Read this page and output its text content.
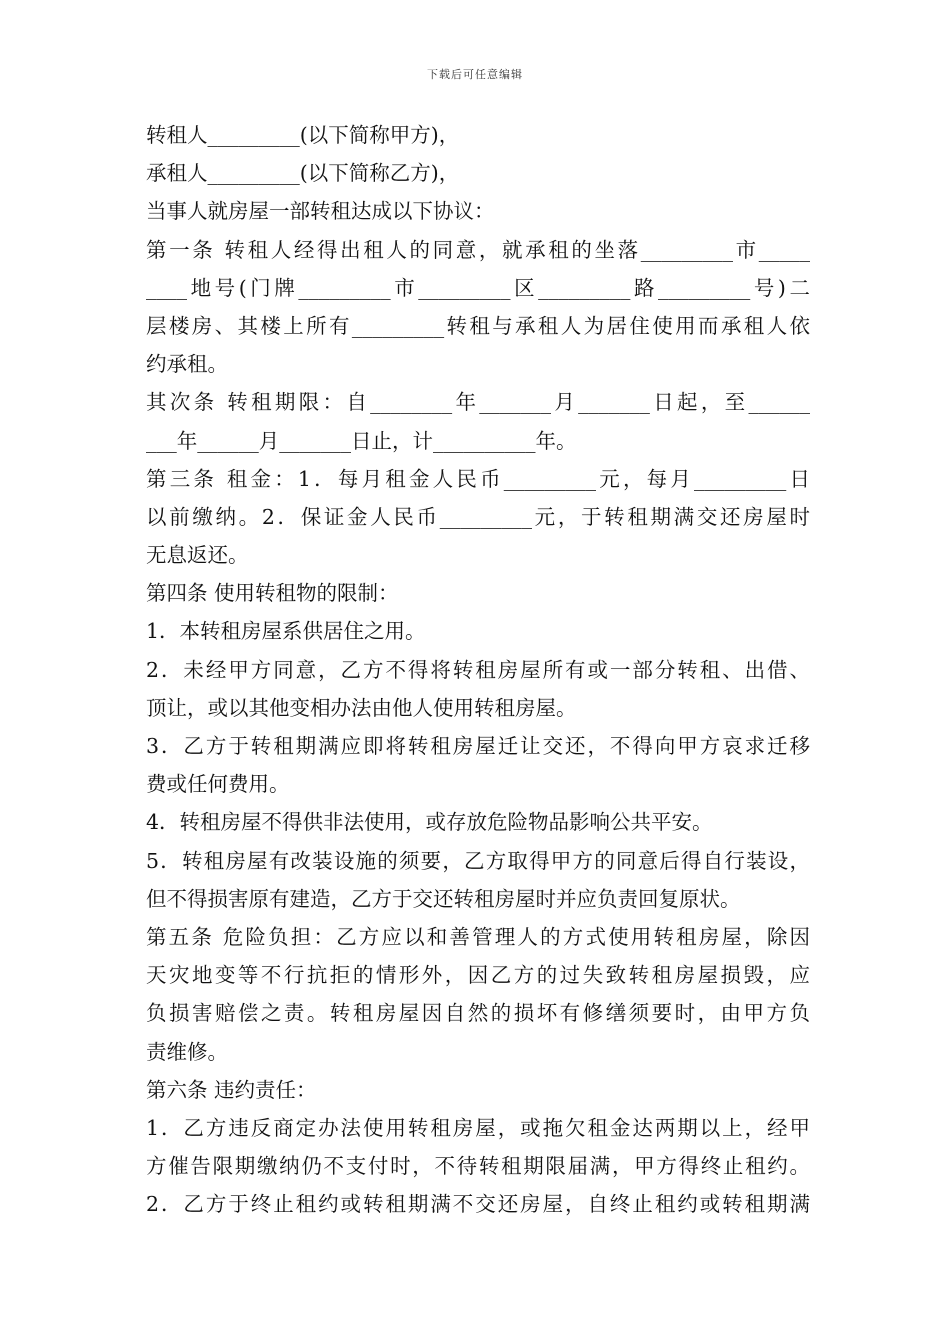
下载后可任意编辑
转租人_________(以下简称甲方)，
承租人_________(以下简称乙方)，
当事人就房屋一部转租达成以下协议：
第一条 转租人经得出租人的同意，就承租的坐落_________市_____
____地号(门牌_________市_________区_________路_________号)二
层楼房、其楼上所有_________转租与承租人为居住使用而承租人依
约承租。
其次条 转租期限：自________年_______月_______日起，至______
___年______月_______日止，计__________年。
第三条 租金：1．每月租金人民币_________元，每月_________日
以前缴纳。2．保证金人民币_________元，于转租期满交还房屋时
无息返还。
第四条 使用转租物的限制：
1．本转租房屋系供居住之用。
2．未经甲方同意，乙方不得将转租房屋所有或一部分转租、出借、
顶让，或以其他变相办法由他人使用转租房屋。
3．乙方于转租期满应即将转租房屋迁让交还，不得向甲方哀求迁移
费或任何费用。
4．转租房屋不得供非法使用，或存放危险物品影响公共平安。
5．转租房屋有改装设施的须要，乙方取得甲方的同意后得自行装设，
但不得损害原有建造，乙方于交还转租房屋时并应负责回复原状。
第五条 危险负担：乙方应以和善管理人的方式使用转租房屋，除因
天灾地变等不行抗拒的情形外，因乙方的过失致转租房屋损毁，应
负损害赔偿之责。转租房屋因自然的损坏有修缮须要时，由甲方负
责维修。
第六条 违约责任：
1．乙方违反商定办法使用转租房屋，或拖欠租金达两期以上，经甲
方催告限期缴纳仍不支付时，不待转租期限届满，甲方得终止租约。
2．乙方于终止租约或转租期满不交还房屋，自终止租约或转租期满
